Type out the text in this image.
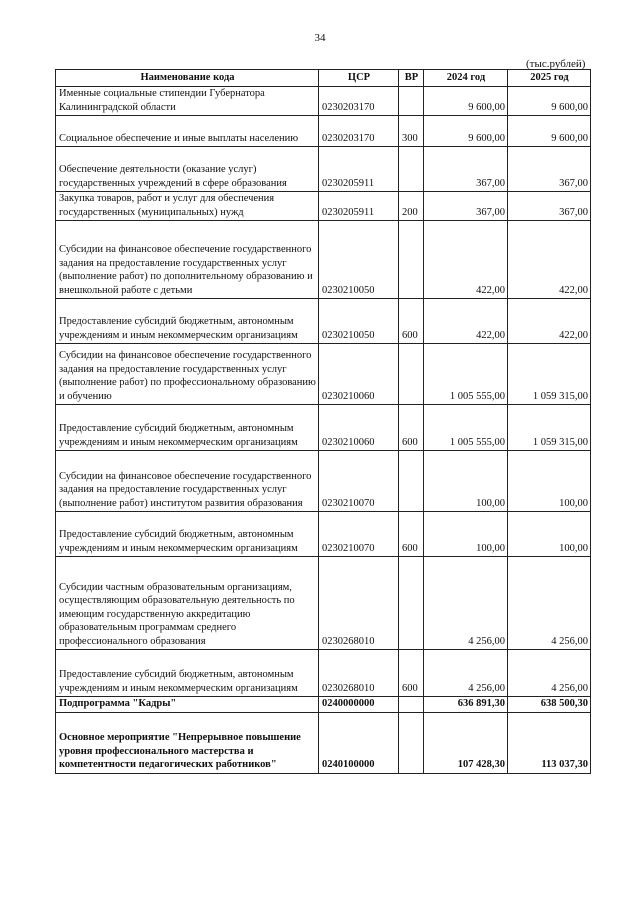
34
(тыс.рублей)
Наименование кода	ЦСР	ВР	2024 год	2025 год
Именные социальные стипендии Губернатора Калининградской области	0230203170		9 600,00	9 600,00
Социальное обеспечение и иные выплаты населению	0230203170	300	9 600,00	9 600,00
Обеспечение деятельности (оказание услуг) государственных учреждений в сфере образования	0230205911		367,00	367,00
Закупка товаров, работ и услуг для обеспечения государственных (муниципальных) нужд	0230205911	200	367,00	367,00
Субсидии на финансовое обеспечение государственного задания на предоставление государственных услуг (выполнение работ) по дополнительному образованию и внешкольной работе с детьми	0230210050		422,00	422,00
Предоставление субсидий бюджетным, автономным учреждениям и иным некоммерческим организациям	0230210050	600	422,00	422,00
Субсидии на финансовое обеспечение государственного задания на предоставление государственных услуг (выполнение работ) по профессиональному образованию и обучению	0230210060		1 005 555,00	1 059 315,00
Предоставление субсидий бюджетным, автономным учреждениям и иным некоммерческим организациям	0230210060	600	1 005 555,00	1 059 315,00
Субсидии на финансовое обеспечение государственного задания на предоставление государственных услуг (выполнение работ) институтом развития образования	0230210070		100,00	100,00
Предоставление субсидий бюджетным, автономным учреждениям и иным некоммерческим организациям	0230210070	600	100,00	100,00
Субсидии частным образовательным организациям, осуществляющим образовательную деятельность по имеющим государственную аккредитацию образовательным программам среднего профессионального образования	0230268010		4 256,00	4 256,00
Предоставление субсидий бюджетным, автономным учреждениям и иным некоммерческим организациям	0230268010	600	4 256,00	4 256,00
Подпрограмма "Кадры"	0240000000		636 891,30	638 500,30
Основное мероприятие "Непрерывное повышение уровня профессионального мастерства и компетентности педагогических работников"	0240100000		107 428,30	113 037,30
